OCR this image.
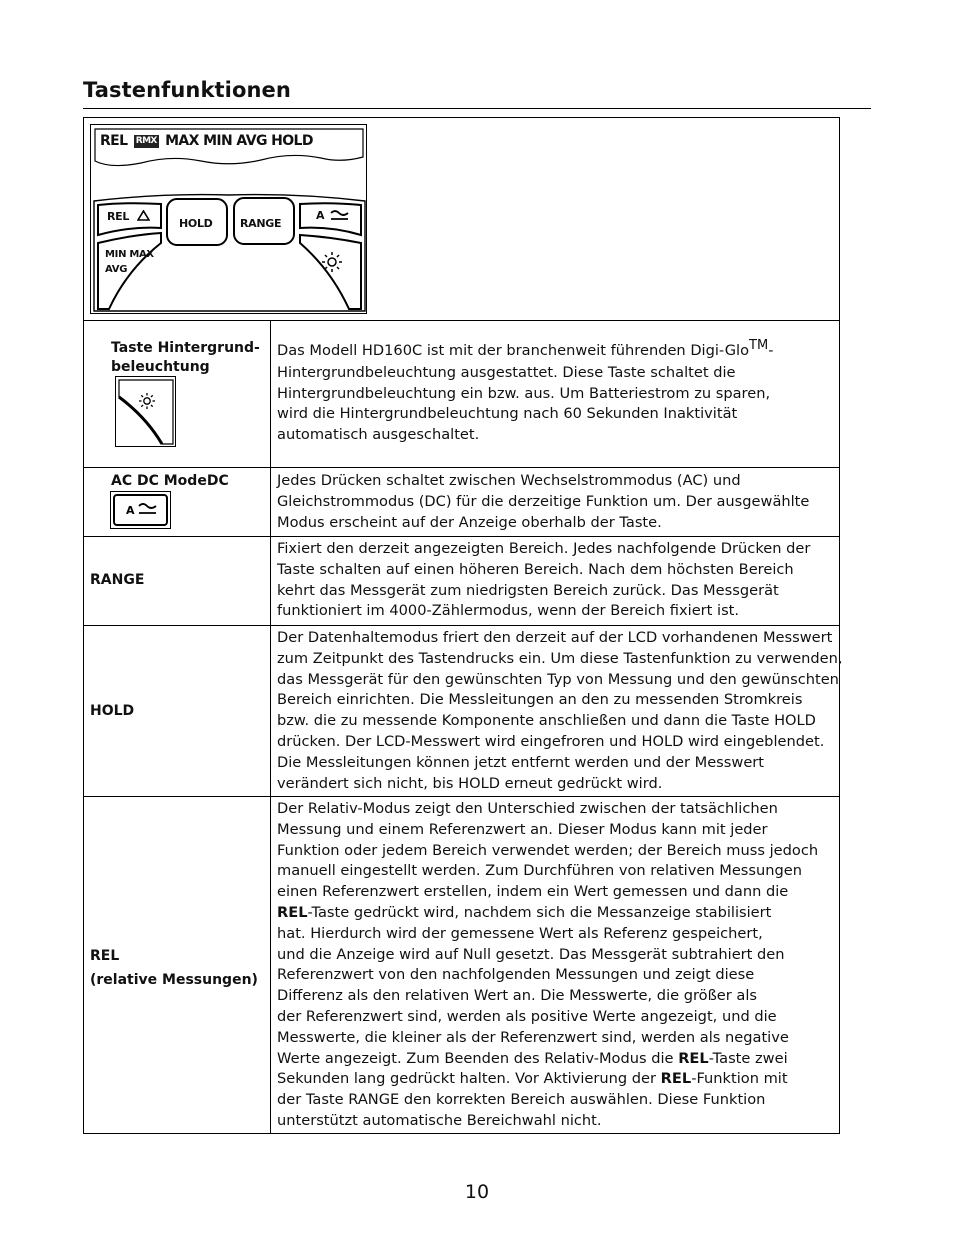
Tastenfunktionen
REL RMX MAX MIN AVG HOLD
REL
HOLD	RANGE
A
MIN MAX
AVG
Taste Hintergrund-
beleuchtung
Das Modell HD160C ist mit der branchenweit führenden Digi-Glo™-
Hintergrundbeleuchtung ausgestattet. Diese Taste schaltet die
Hintergrundbeleuchtung ein bzw. aus. Um Batteriestrom zu sparen,
wird die Hintergrundbeleuchtung nach 60 Sekunden Inaktivität
automatisch ausgeschaltet.
AC DC ModeDC
A
Jedes Drücken schaltet zwischen Wechselstrommodus (AC) und
Gleichstrommodus (DC) für die derzeitige Funktion um. Der ausgewählte
Modus erscheint auf der Anzeige oberhalb der Taste.
RANGE
Fixiert den derzeit angezeigten Bereich. Jedes nachfolgende Drücken der
Taste schalten auf einen höheren Bereich. Nach dem höchsten Bereich
kehrt das Messgerät zum niedrigsten Bereich zurück. Das Messgerät
funktioniert im 4000-Zählermodus, wenn der Bereich fixiert ist.
HOLD
Der Datenhaltemodus friert den derzeit auf der LCD vorhandenen Messwert
zum Zeitpunkt des Tastendrucks ein. Um diese Tastenfunktion zu verwenden,
das Messgerät für den gewünschten Typ von Messung und den gewünschten
Bereich einrichten. Die Messleitungen an den zu messenden Stromkreis
bzw. die zu messende Komponente anschließen und dann die Taste HOLD
drücken. Der LCD-Messwert wird eingefroren und HOLD wird eingeblendet.
Die Messleitungen können jetzt entfernt werden und der Messwert
verändert sich nicht, bis HOLD erneut gedrückt wird.
REL
(relative Messungen)
Der Relativ-Modus zeigt den Unterschied zwischen der tatsächlichen
Messung und einem Referenzwert an. Dieser Modus kann mit jeder
Funktion oder jedem Bereich verwendet werden; der Bereich muss jedoch
manuell eingestellt werden. Zum Durchführen von relativen Messungen
einen Referenzwert erstellen, indem ein Wert gemessen und dann die
REL-Taste gedrückt wird, nachdem sich die Messanzeige stabilisiert
hat. Hierdurch wird der gemessene Wert als Referenz gespeichert,
und die Anzeige wird auf Null gesetzt. Das Messgerät subtrahiert den
Referenzwert von den nachfolgenden Messungen und zeigt diese
Differenz als den relativen Wert an. Die Messwerte, die größer als
der Referenzwert sind, werden als positive Werte angezeigt, und die
Messwerte, die kleiner als der Referenzwert sind, werden als negative
Werte angezeigt. Zum Beenden des Relativ-Modus die REL-Taste zwei
Sekunden lang gedrückt halten. Vor Aktivierung der REL-Funktion mit
der Taste RANGE den korrekten Bereich auswählen. Diese Funktion
unterstützt automatische Bereichwahl nicht.
10
